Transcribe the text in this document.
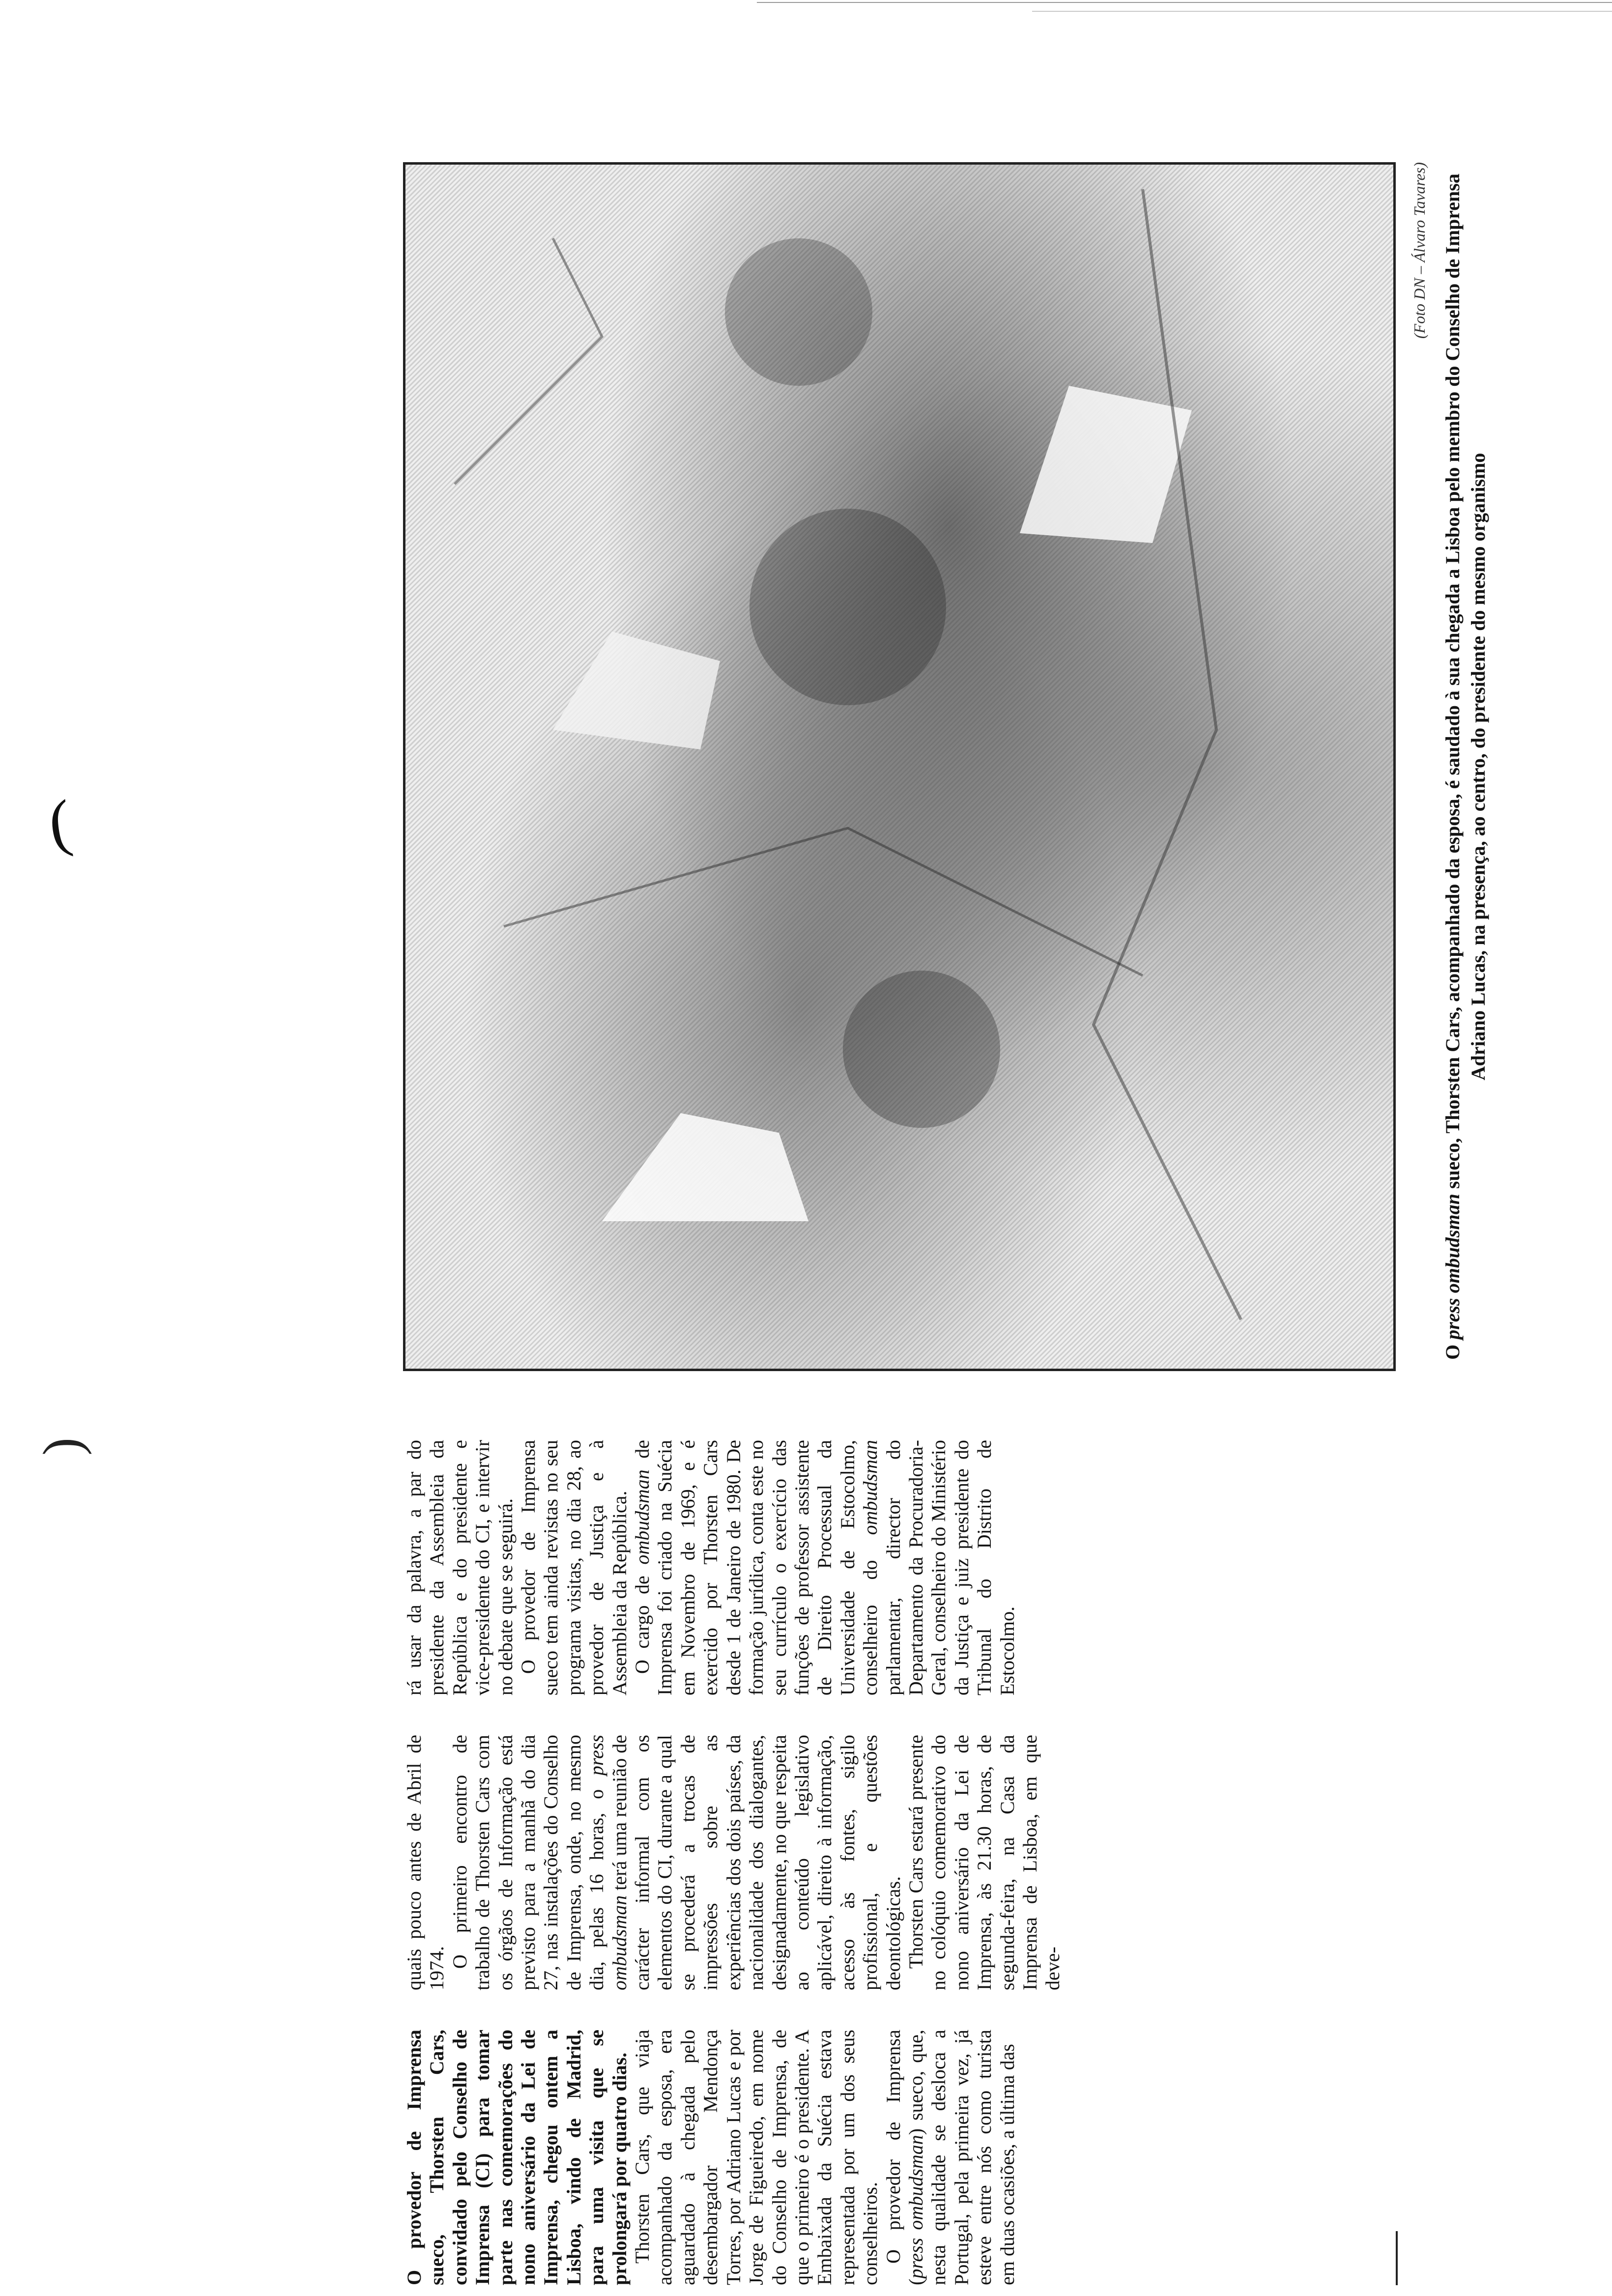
(
(

O provedor de Imprensa sueco, Thorsten Cars, convidado pelo Conselho de Imprensa (CI) para tomar parte nas comemorações do nono aniversário da Lei de Imprensa, chegou ontem a Lisboa, vindo de Madrid, para uma visita que se prolongará por quatro dias. Thorsten Cars, que viaja acompanhado da esposa, era aguardado à chegada pelo desembargador Mendonça Torres, por Adriano Lucas e por Jorge de Figueiredo, em nome do Conselho de Imprensa, de que o primeiro é o presidente. A Embaixada da Suécia estava representada por um dos seus conselheiros. O provedor de Imprensa (press ombudsman) sueco, que, nesta qualidade se desloca a Portugal, pela primeira vez, já esteve entre nós como turista em duas ocasiões, a última das

quais pouco antes de Abril de 1974. O primeiro encontro de trabalho de Thorsten Cars com os órgãos de Informação está previsto para a manhã do dia 27, nas instalações do Conselho de Imprensa, onde, no mesmo dia, pelas 16 horas, o press ombudsman terá uma reunião de carácter informal com os elementos do CI, durante a qual se procederá a trocas de impressões sobre as experiências dos dois países, da nacionalidade dos dialogantes, designadamente, no que respeita ao conteúdo legislativo aplicável, direito à informação, acesso às fontes, sigilo profissional, e questões deontológicas. Thorsten Cars estará presente no colóquio comemorativo do nono aniversário da Lei de Imprensa, às 21.30 horas, de segunda-feira, na Casa da Imprensa de Lisboa, em que deve-

rá usar da palavra, a par do presidente da Assembleia da República e do presidente e vice-presidente do CI, e intervir no debate que se seguirá. O provedor de Imprensa sueco tem ainda revistas no seu programa visitas, no dia 28, ao provedor de Justiça e à Assembleia da República. O cargo de ombudsman de Imprensa foi criado na Suécia em Novembro de 1969, e é exercido por Thorsten Cars desde 1 de Janeiro de 1980. De formação jurídica, conta este no seu currículo o exercício das funções de professor assistente de Direito Processual da Universidade de Estocolmo, conselheiro do ombudsman parlamentar, director do Departamento da Procuradoria-Geral, conselheiro do Ministério da Justiça e juiz presidente do Tribunal do Distrito de Estocolmo.

(Foto DN – Álvaro Tavares)
O press ombudsman sueco, Thorsten Cars, acompanhado da esposa, é saudado à sua chegada a Lisboa pelo membro do Conselho de Imprensa Adriano Lucas, na presença, ao centro, do presidente do mesmo organismo
